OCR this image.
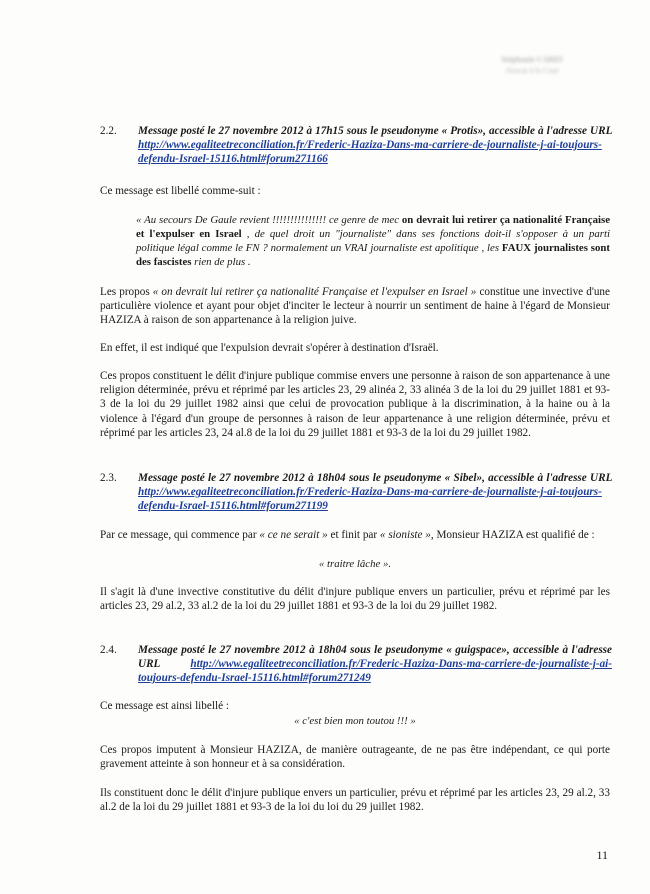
Stéphanie CAREI
Avocat à la Cour
2.2. Message posté le 27 novembre 2012 à 17h15 sous le pseudonyme « Protis», accessible à l'adresse URL http://www.egaliteetreconciliation.fr/Frederic-Haziza-Dans-ma-carriere-de-journaliste-j-ai-toujours-defendu-Israel-15116.html#forum271166
Ce message est libellé comme-suit :
« Au secours De Gaule revient !!!!!!!!!!!!!!! ce genre de mec on devrait lui retirer ça nationalité Française et l'expulser en Israel , de quel droit un "journaliste" dans ses fonctions doit-il s'opposer à un parti politique légal comme le FN ? normalement un VRAI journaliste est apolitique , les FAUX journalistes sont des fascistes rien de plus .
Les propos « on devrait lui retirer ça nationalité Française et l'expulser en Israel » constitue une invective d'une particulière violence et ayant pour objet d'inciter le lecteur à nourrir un sentiment de haine à l'égard de Monsieur HAZIZA à raison de son appartenance à la religion juive.
En effet, il est indiqué que l'expulsion devrait s'opérer à destination d'Israël.
Ces propos constituent le délit d'injure publique commise envers une personne à raison de son appartenance à une religion déterminée, prévu et réprimé par les articles 23, 29 alinéa 2, 33 alinéa 3 de la loi du 29 juillet 1881 et 93-3 de la loi du 29 juillet 1982 ainsi que celui de provocation publique à la discrimination, à la haine ou à la violence à l'égard d'un groupe de personnes à raison de leur appartenance à une religion déterminée, prévu et réprimé par les articles 23, 24 al.8 de la loi du 29 juillet 1881 et 93-3 de la loi du 29 juillet 1982.
2.3. Message posté le 27 novembre 2012 à 18h04 sous le pseudonyme « Sibel», accessible à l'adresse URL http://www.egaliteetreconciliation.fr/Frederic-Haziza-Dans-ma-carriere-de-journaliste-j-ai-toujours-defendu-Israel-15116.html#forum271199
Par ce message, qui commence par « ce ne serait » et finit par « sioniste », Monsieur HAZIZA est qualifié de :
« traitre lâche ».
Il s'agit là d'une invective constitutive du délit d'injure publique envers un particulier, prévu et réprimé par les articles 23, 29 al.2, 33 al.2 de la loi du 29 juillet 1881 et 93-3 de la loi du 29 juillet 1982.
2.4. Message posté le 27 novembre 2012 à 18h04 sous le pseudonyme « guigspace», accessible à l'adresse URL	http://www.egaliteetreconciliation.fr/Frederic-Haziza-Dans-ma-carriere-de-journaliste-j-ai-toujours-defendu-Israel-15116.html#forum271249
Ce message est ainsi libellé :
« c'est bien mon toutou !!! »
Ces propos imputent à Monsieur HAZIZA, de manière outrageante, de ne pas être indépendant, ce qui porte gravement atteinte à son honneur et à sa considération.
Ils constituent donc le délit d'injure publique envers un particulier, prévu et réprimé par les articles 23, 29 al.2, 33 al.2 de la loi du 29 juillet 1881 et 93-3 de la loi du loi du 29 juillet 1982.
11
